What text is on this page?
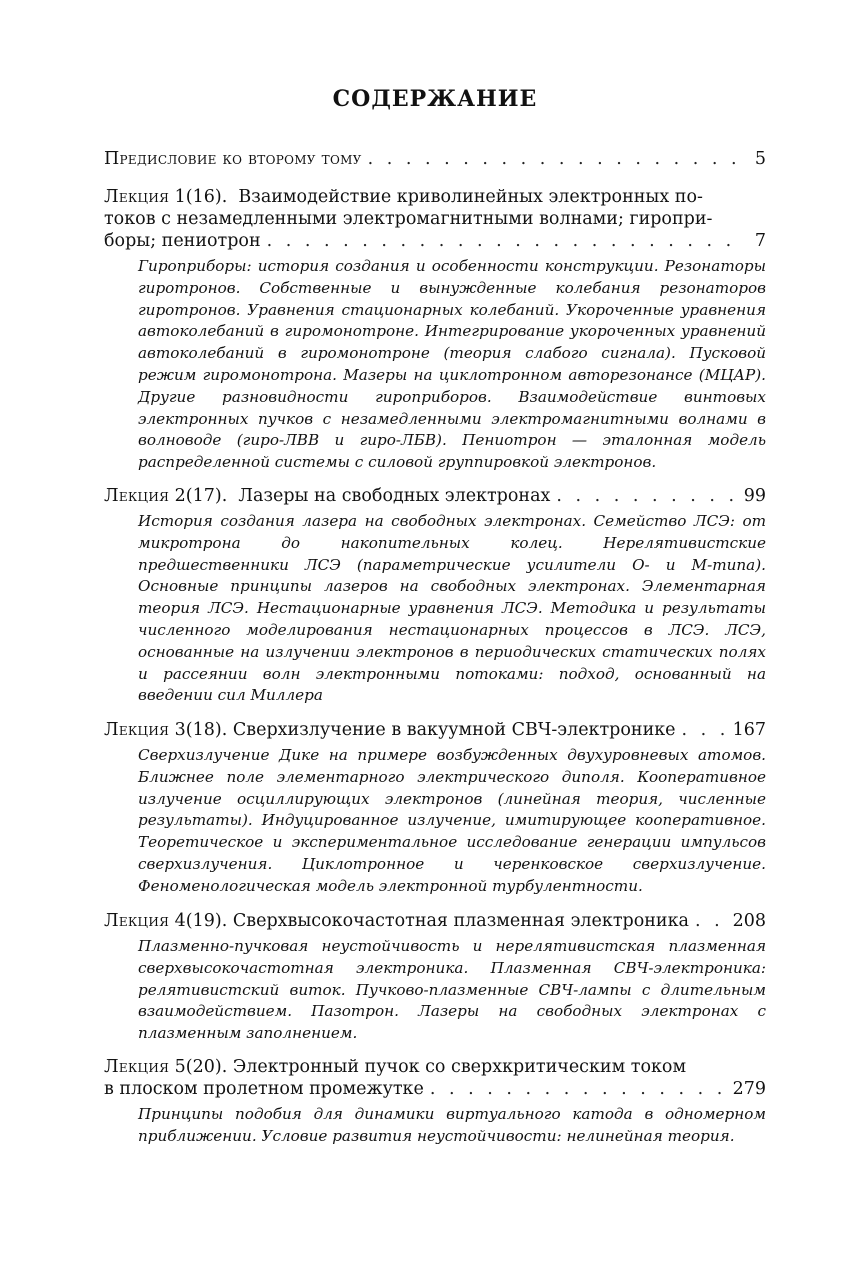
СОДЕРЖАНИЕ
Предисловие ко второму тому . . .	5
Лекция
1(16).
Взаимодействие криволинейных электронных по-
токов с незамедленными электромагнитными волнами; гиропри-
боры; пениотрон . . .	7
Гироприборы: история создания и особенности конструкции. Резонаторы гиротронов. Собственные и вынужденные колебания резонаторов гиротронов. Уравнения стационарных колебаний. Укороченные уравнения автоколебаний в гиромонотроне. Интегрирование укороченных уравнений автоколебаний в гиромонотроне (теория слабого сигнала). Пусковой режим гиромонотрона. Мазеры на циклотронном авторезонансе (МЦАР). Другие разновидности гироприборов. Взаимодействие винтовых электронных пучков с незамедленными электромагнитными волнами в волноводе (гиро-ЛВВ и гиро-ЛБВ). Пениотрон — эталонная модель распределенной системы с силовой группировкой электронов.
Лекция
2(17).
Лазеры на свободных электронах . . .	99
История создания лазера на свободных электронах. Семейство ЛСЭ: от микротрона до накопительных колец. Нерелятивистские предшественники ЛСЭ (параметрические усилители О- и М-типа). Основные принципы лазеров на свободных электронах. Элементарная теория ЛСЭ. Нестационарные уравнения ЛСЭ. Методика и результаты численного моделирования нестационарных процессов в ЛСЭ. ЛСЭ, основанные на излучении электронов в периодических статических полях и рассеянии волн электронными потоками: подход, основанный на введении сил Миллера
Лекция
3(18).
Сверхизлучение в вакуумной СВЧ-электронике . . .	167
Сверхизлучение Дике на примере возбужденных двухуровневых атомов. Ближнее поле элементарного электрического диполя. Кооперативное излучение осциллирующих электронов (линейная теория, численные результаты). Индуцированное излучение, имитирующее кооперативное. Теоретическое и экспериментальное исследование генерации импульсов сверхизлучения. Циклотронное и черенковское сверхизлучение. Феноменологическая модель электронной турбулентности.
Лекция
4(19).
Сверхвысокочастотная плазменная электроника . . . 208
Плазменно-пучковая неустойчивость и нерелятивистская плазменная сверхвысокочастотная электроника. Плазменная СВЧ-электроника: релятивистский виток. Пучково-плазменные СВЧ-лампы с длительным взаимодействием. Пазотрон. Лазеры на свободных электронах с плазменным заполнением.
Лекция
5(20).
Электронный пучок со сверхкритическим током
в плоском пролетном промежутке . . .	279
Принципы подобия для динамики виртуального катода в одномерном приближении. Условие развития неустойчивости: нелинейная теория.
